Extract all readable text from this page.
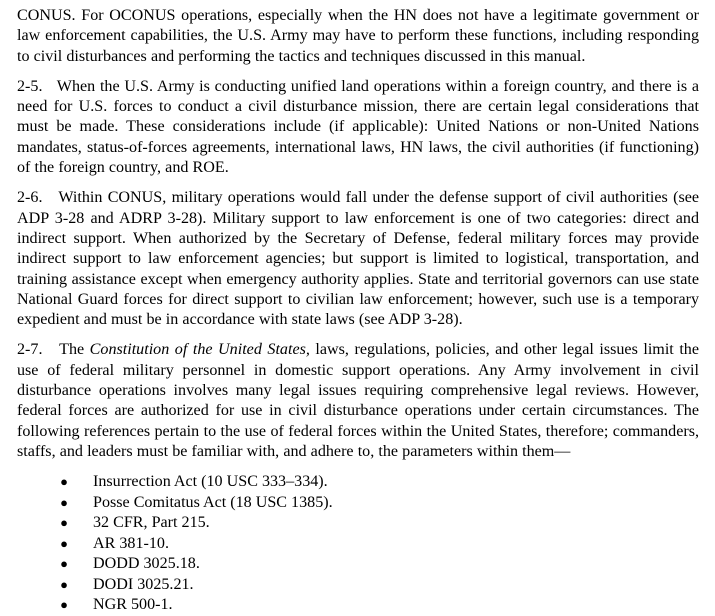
CONUS. For OCONUS operations, especially when the HN does not have a legitimate government or law enforcement capabilities, the U.S. Army may have to perform these functions, including responding to civil disturbances and performing the tactics and techniques discussed in this manual.

2-5. When the U.S. Army is conducting unified land operations within a foreign country, and there is a need for U.S. forces to conduct a civil disturbance mission, there are certain legal considerations that must be made. These considerations include (if applicable): United Nations or non-United Nations mandates, status-of-forces agreements, international laws, HN laws, the civil authorities (if functioning) of the foreign country, and ROE.

2-6. Within CONUS, military operations would fall under the defense support of civil authorities (see ADP 3-28 and ADRP 3-28). Military support to law enforcement is one of two categories: direct and indirect support. When authorized by the Secretary of Defense, federal military forces may provide indirect support to law enforcement agencies; but support is limited to logistical, transportation, and training assistance except when emergency authority applies. State and territorial governors can use state National Guard forces for direct support to civilian law enforcement; however, such use is a temporary expedient and must be in accordance with state laws (see ADP 3-28).

2-7. The Constitution of the United States, laws, regulations, policies, and other legal issues limit the use of federal military personnel in domestic support operations. Any Army involvement in civil disturbance operations involves many legal issues requiring comprehensive legal reviews. However, federal forces are authorized for use in civil disturbance operations under certain circumstances. The following references pertain to the use of federal forces within the United States, therefore; commanders, staffs, and leaders must be familiar with, and adhere to, the parameters within them—

● Insurrection Act (10 USC 333–334).
● Posse Comitatus Act (18 USC 1385).
● 32 CFR, Part 215.
● AR 381-10.
● DODD 3025.18.
● DODI 3025.21.
● NGR 500-1.
